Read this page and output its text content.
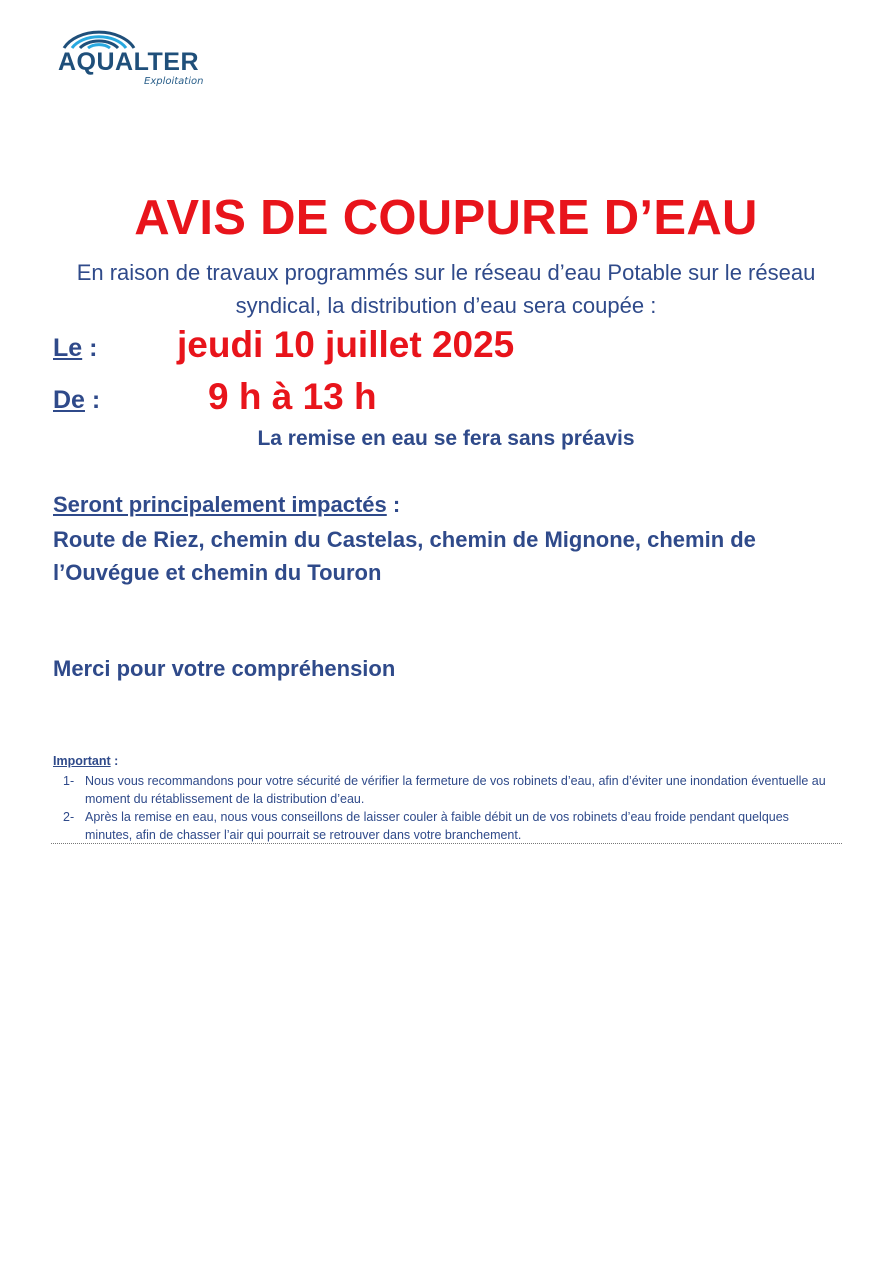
AQUALTER
Exploitation
AVIS DE COUPURE D’EAU
En raison de travaux programmés sur le réseau d’eau Potable sur le réseau syndical, la distribution d’eau sera coupée :
Le : jeudi 10 juillet 2025
De :	9 h à 13 h
La remise en eau se fera sans préavis
Seront principalement impactés :
Route de Riez, chemin du Castelas, chemin de Mignone, chemin de l’Ouvégue et chemin du Touron
Merci pour votre compréhension
Important :
1- Nous vous recommandons pour votre sécurité de vérifier la fermeture de vos robinets d’eau, afin d’éviter une inondation éventuelle au moment du rétablissement de la distribution d’eau.
2- Après la remise en eau, nous vous conseillons de laisser couler à faible débit un de vos robinets d’eau froide pendant quelques minutes, afin de chasser l’air qui pourrait se retrouver dans votre branchement.
